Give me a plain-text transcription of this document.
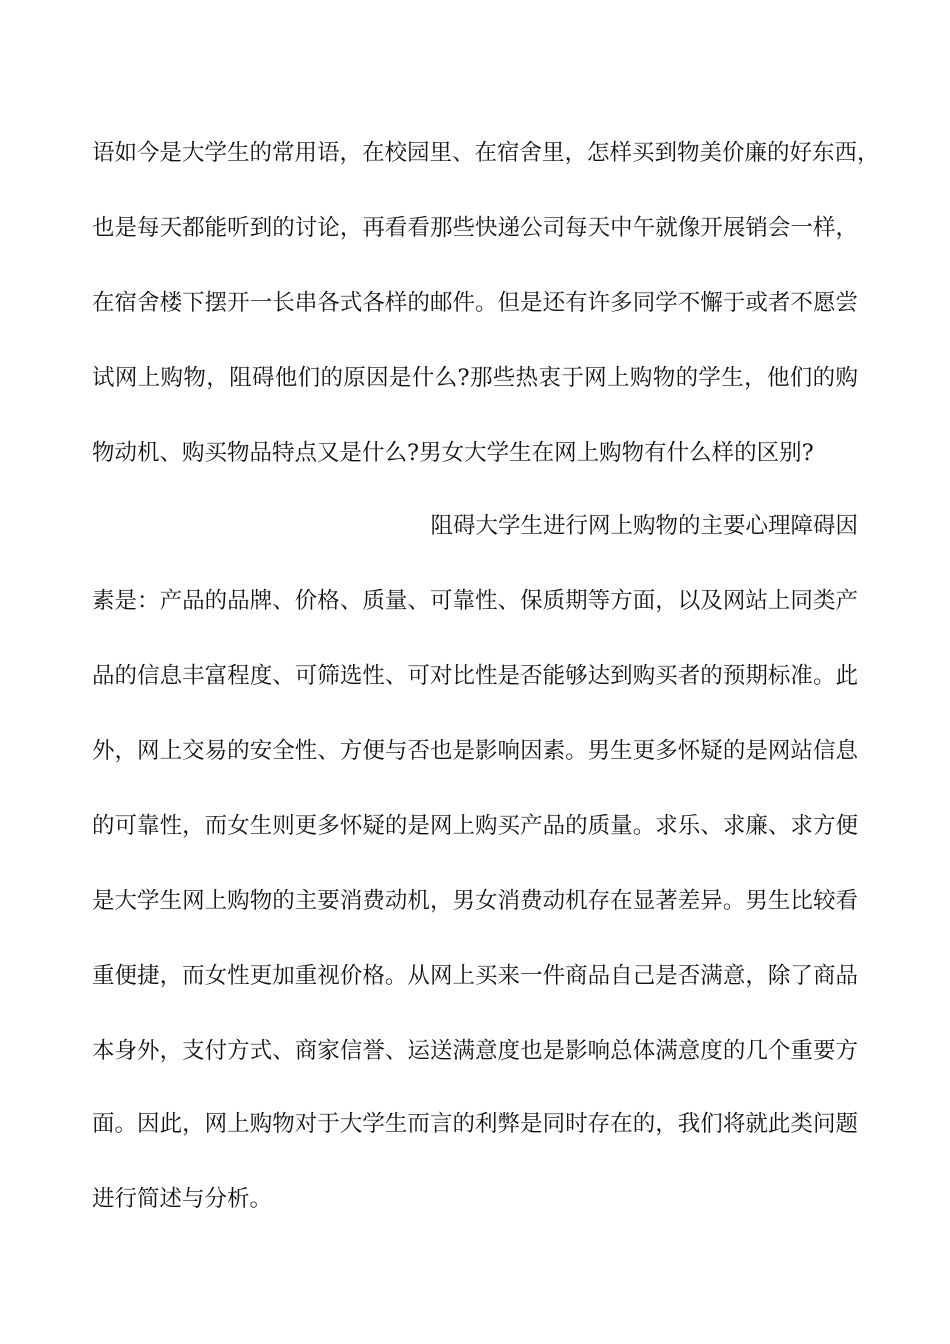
语如今是大学生的常用语，在校园里、在宿舍里，怎样买到物美价廉的好东西，
也是每天都能听到的讨论，再看看那些快递公司每天中午就像开展销会一样，
在宿舍楼下摆开一长串各式各样的邮件。但是还有许多同学不懈于或者不愿尝
试网上购物，阻碍他们的原因是什么?那些热衷于网上购物的学生，他们的购
物动机、购买物品特点又是什么?男女大学生在网上购物有什么样的区别?
阻碍大学生进行网上购物的主要心理障碍因
素是：产品的品牌、价格、质量、可靠性、保质期等方面，以及网站上同类产
品的信息丰富程度、可筛选性、可对比性是否能够达到购买者的预期标准。此
外，网上交易的安全性、方便与否也是影响因素。男生更多怀疑的是网站信息
的可靠性，而女生则更多怀疑的是网上购买产品的质量。求乐、求廉、求方便
是大学生网上购物的主要消费动机，男女消费动机存在显著差异。男生比较看
重便捷，而女性更加重视价格。从网上买来一件商品自己是否满意，除了商品
本身外，支付方式、商家信誉、运送满意度也是影响总体满意度的几个重要方
面。因此，网上购物对于大学生而言的利弊是同时存在的，我们将就此类问题
进行简述与分析。
